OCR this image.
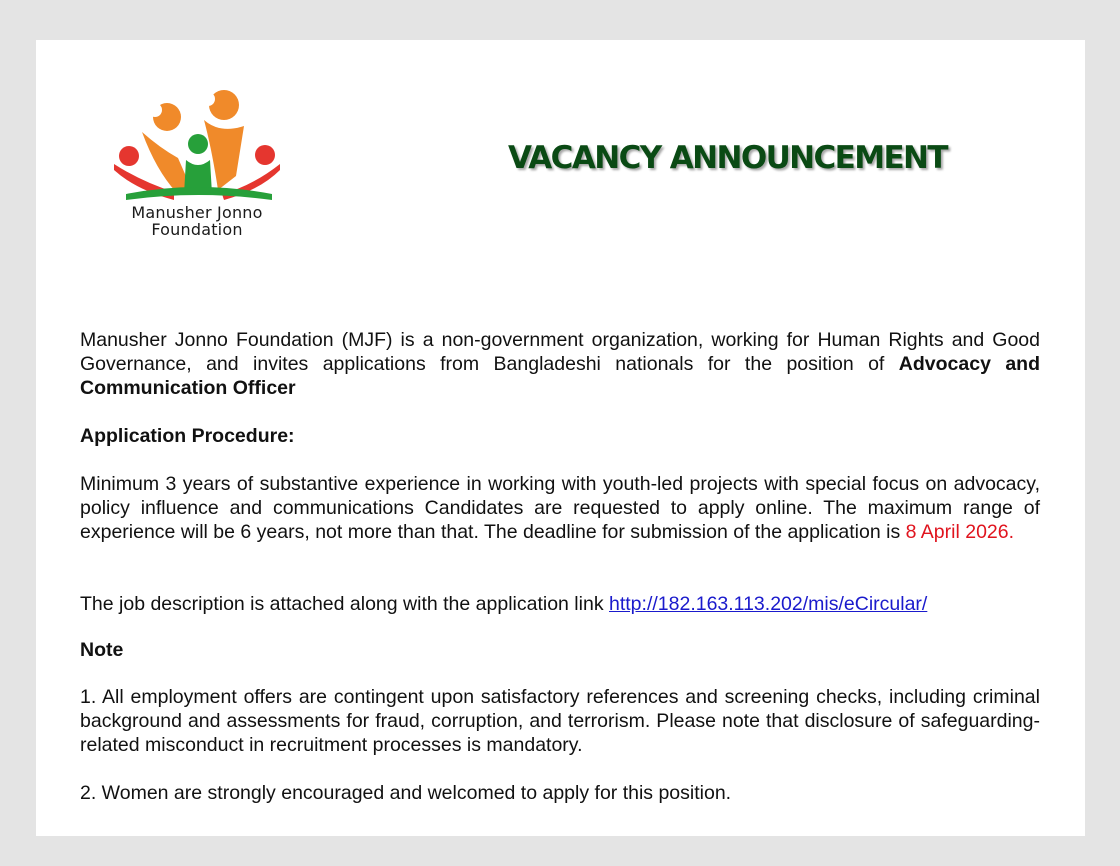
Manusher Jonno
Foundation
VACANCY ANNOUNCEMENT
Manusher Jonno Foundation (MJF) is a non-government organization, working for Human Rights and Good Governance, and invites applications from Bangladeshi nationals for the position of Advocacy and Communication Officer
Application Procedure:
Minimum 3 years of substantive experience in working with youth-led projects with special focus on advocacy, policy influence and communications Candidates are requested to apply online. The maximum range of experience will be 6 years, not more than that. The deadline for submission of the application is 8 April 2026.
The job description is attached along with the application link http://182.163.113.202/mis/eCircular/
Note
1. All employment offers are contingent upon satisfactory references and screening checks, including criminal background and assessments for fraud, corruption, and terrorism. Please note that disclosure of safeguarding-related misconduct in recruitment processes is mandatory.
2. Women are strongly encouraged and welcomed to apply for this position.
